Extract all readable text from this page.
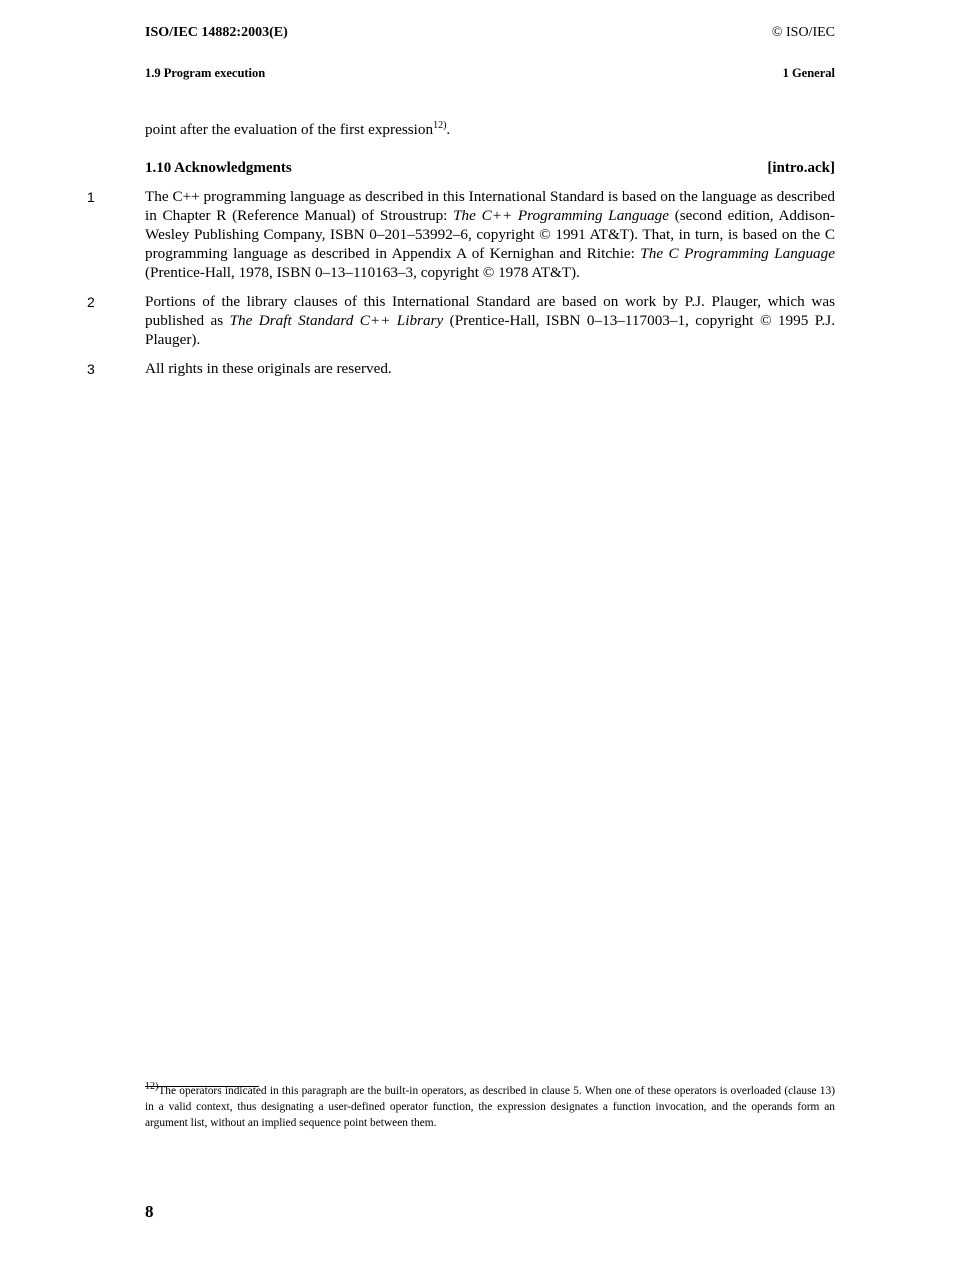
ISO/IEC 14882:2003(E)	© ISO/IEC
1.9 Program execution	1 General
point after the evaluation of the first expression$^{12)}$.
1.10 Acknowledgments	[intro.ack]
1	The C++ programming language as described in this International Standard is based on the language as described in Chapter R (Reference Manual) of Stroustrup: The C++ Programming Language (second edition, Addison-Wesley Publishing Company, ISBN 0–201–53992–6, copyright © 1991 AT&T). That, in turn, is based on the C programming language as described in Appendix A of Kernighan and Ritchie: The C Programming Language (Prentice-Hall, 1978, ISBN 0–13–110163–3, copyright © 1978 AT&T).
2	Portions of the library clauses of this International Standard are based on work by P.J. Plauger, which was published as The Draft Standard C++ Library (Prentice-Hall, ISBN 0–13–117003–1, copyright © 1995 P.J. Plauger).
3	All rights in these originals are reserved.
$^{12)}$The operators indicated in this paragraph are the built-in operators, as described in clause 5. When one of these operators is overloaded (clause 13) in a valid context, thus designating a user-defined operator function, the expression designates a function invocation, and the operands form an argument list, without an implied sequence point between them.
8
